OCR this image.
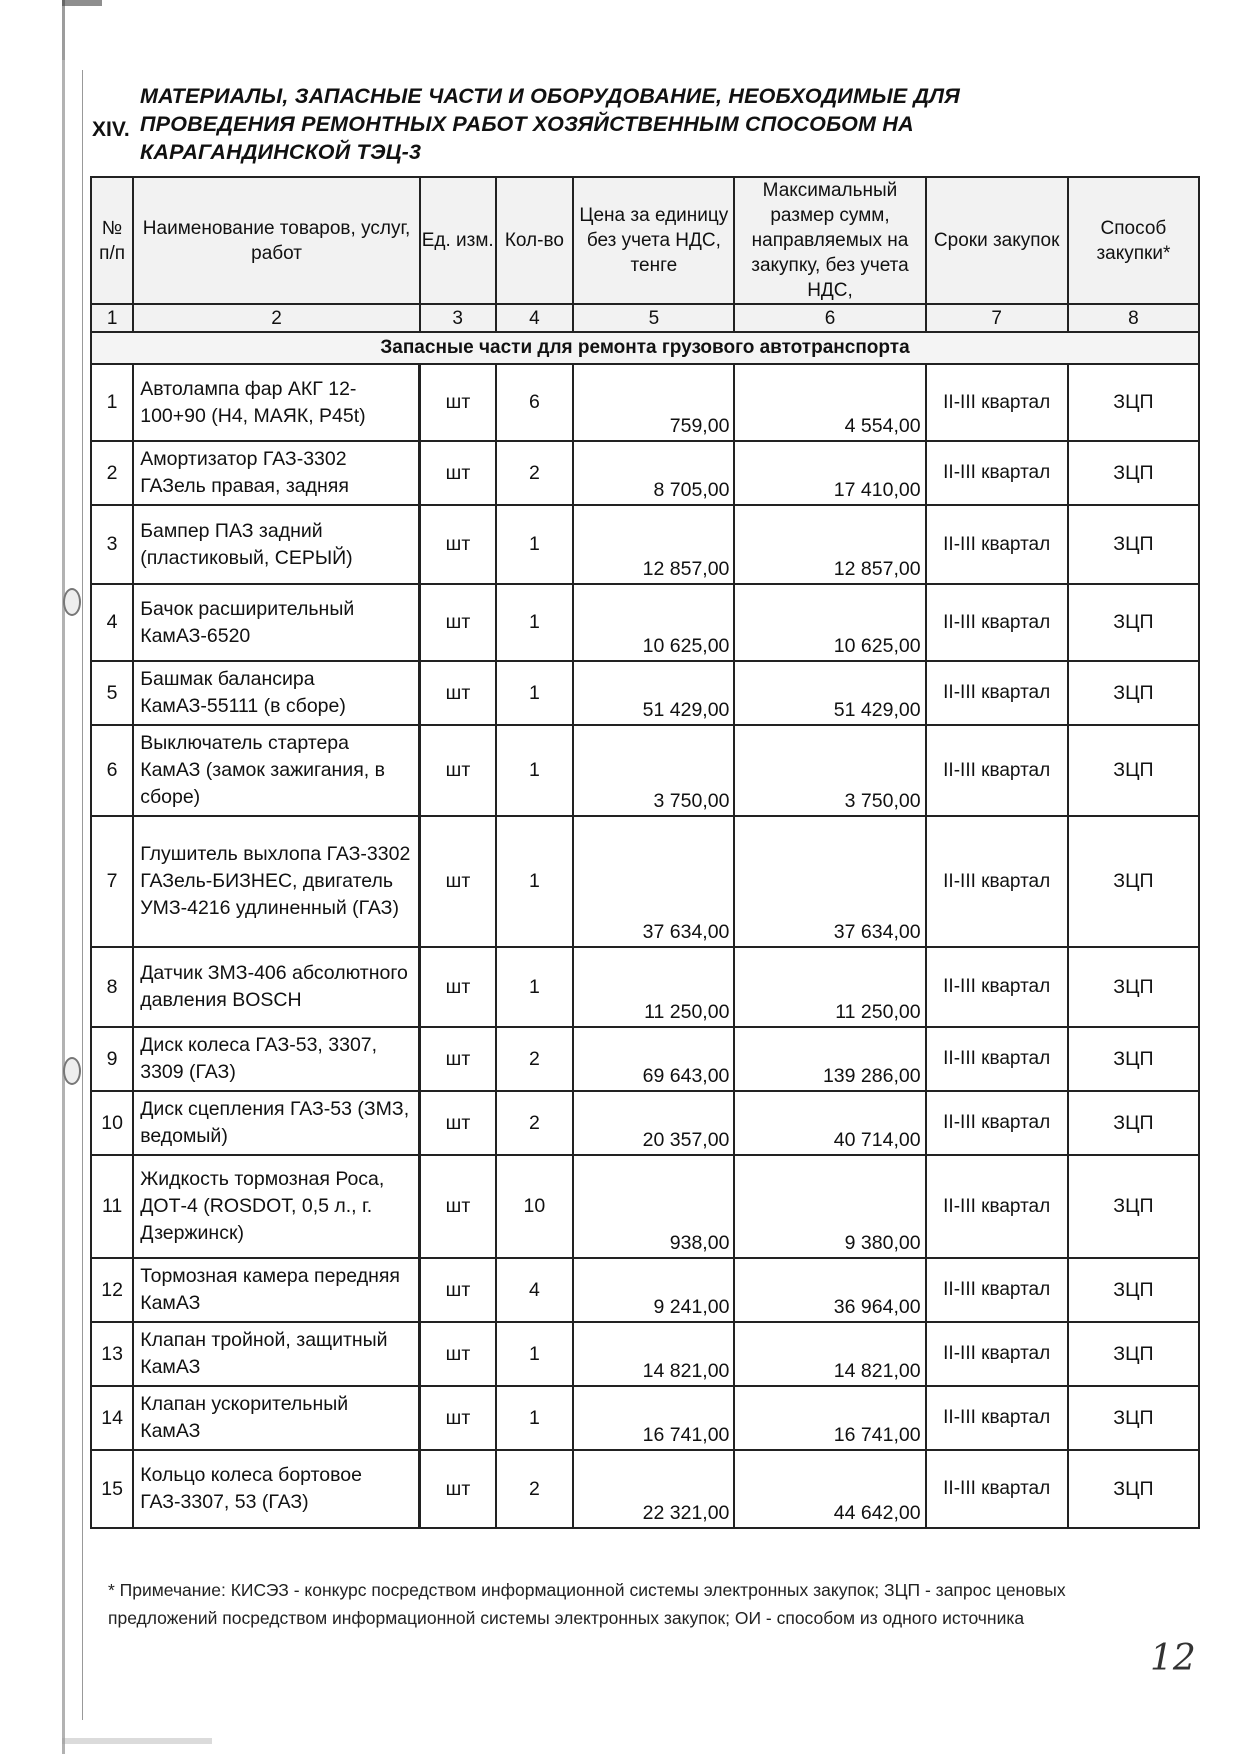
XIV.
МАТЕРИАЛЫ, ЗАПАСНЫЕ ЧАСТИ И ОБОРУДОВАНИЕ, НЕОБХОДИМЫЕ ДЛЯ ПРОВЕДЕНИЯ РЕМОНТНЫХ РАБОТ ХОЗЯЙСТВЕННЫМ СПОСОБОМ НА КАРАГАНДИНСКОЙ ТЭЦ-3
№ п/п	Наименование товаров, услуг, работ	Ед. изм.	Кол-во	Цена за единицу без учета НДС, тенге	Максимальный размер сумм, направляемых на закупку, без учета НДС,	Сроки закупок	Способ закупки*
1	2	3	4	5	6	7	8
Запасные части для ремонта грузового автотранспорта							
1	Автолампа фар АКГ 12-100+90 (Н4, МАЯК, Р45t)	шт	6	759,00	4 554,00	II-III квартал	ЗЦП
2	Амортизатор ГАЗ-3302 ГАЗель правая, задняя	шт	2	8 705,00	17 410,00	II-III квартал	ЗЦП
3	Бампер ПАЗ задний (пластиковый, СЕРЫЙ)	шт	1	12 857,00	12 857,00	II-III квартал	ЗЦП
4	Бачок расширительный КамАЗ-6520	шт	1	10 625,00	10 625,00	II-III квартал	ЗЦП
5	Башмак балансира КамАЗ-55111 (в сборе)	шт	1	51 429,00	51 429,00	II-III квартал	ЗЦП
6	Выключатель стартера КамАЗ (замок зажигания, в сборе)	шт	1	3 750,00	3 750,00	II-III квартал	ЗЦП
7	Глушитель выхлопа ГАЗ-3302 ГАЗель-БИЗНЕС, двигатель УМЗ-4216 удлиненный (ГАЗ)	шт	1	37 634,00	37 634,00	II-III квартал	ЗЦП
8	Датчик ЗМЗ-406 абсолютного давления BOSCH	шт	1	11 250,00	11 250,00	II-III квартал	ЗЦП
9	Диск колеса ГАЗ-53, 3307, 3309 (ГАЗ)	шт	2	69 643,00	139 286,00	II-III квартал	ЗЦП
10	Диск сцепления ГАЗ-53 (ЗМЗ, ведомый)	шт	2	20 357,00	40 714,00	II-III квартал	ЗЦП
11	Жидкость тормозная Роса, ДОТ-4 (ROSDOT, 0,5 л., г. Дзержинск)	шт	10	938,00	9 380,00	II-III квартал	ЗЦП
12	Тормозная камера передняя КамАЗ	шт	4	9 241,00	36 964,00	II-III квартал	ЗЦП
13	Клапан тройной, защитный КамАЗ	шт	1	14 821,00	14 821,00	II-III квартал	ЗЦП
14	Клапан ускорительный КамАЗ	шт	1	16 741,00	16 741,00	II-III квартал	ЗЦП
15	Кольцо колеса бортовое ГАЗ-3307, 53 (ГАЗ)	шт	2	22 321,00	44 642,00	II-III квартал	ЗЦП
* Примечание: КИСЭЗ - конкурс посредством информационной системы электронных закупок; ЗЦП - запрос ценовых предложений посредством информационной системы электронных закупок; ОИ - способом из одного источника
12
